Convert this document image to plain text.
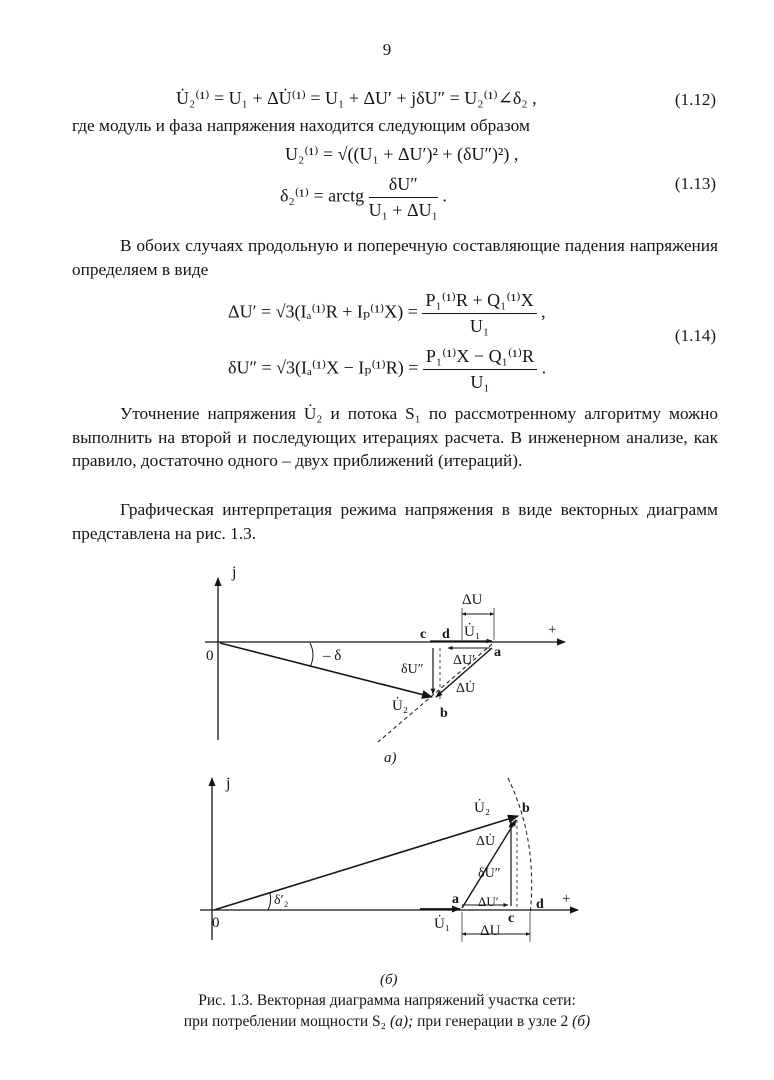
9
U̇₂⁽¹⁾ = U₁ + ΔU̇⁽¹⁾ = U₁ + ΔU′ + jδU″ = U₂⁽¹⁾∠δ₂ ,	(1.12)
где модуль и фаза напряжения находится следующим образом
U₂⁽¹⁾ = √((U₁ + ΔU′)² + (δU″)²) ,
δ₂⁽¹⁾ = arctg $\frac{\delta U''}{\text{U₁ + ΔU₁}}$ .
(1.13)
В обоих случаях продольную и поперечную составляющие падения напряжения определяем в виде
$\Delta U' = √3(I_a^{(1)}R + I_p^{(1)}X) = \frac{\text{P₁⁽¹⁾R + Q₁⁽¹⁾X}}{\text{U₁}}$ ,
$\delta U'' = √3(I_a^{(1)}X - I_p^{(1)}R) = \frac{\text{P₁⁽¹⁾X − Q₁⁽¹⁾R}}{\text{U₁}}$ .
(1.14)
Уточнение напряжения U̇₂ и потока S₁ по рассмотренному алгоритму можно выполнить на второй и последующих итерациях расчета. В инженерном анализе, как правило, достаточно одного – двух приближений (итераций).
Графическая интерпретация режима напряжения в виде векторных диаграмм представлена на рис. 1.3.
j
+
0	– δ
c d
a
b
ΔU
U̇₁
ΔU′
δU″
ΔU̇
U̇₂
а)
j
+
0
δ′₂	a
b
c
d
U̇₂
ΔU̇
δU″
ΔU′
U̇₁ ΔU
(б)
Рис. 1.3. Векторная диаграмма напряжений участка сети:
при потреблении мощности S₂ (а); при генерации в узле 2 (б)
